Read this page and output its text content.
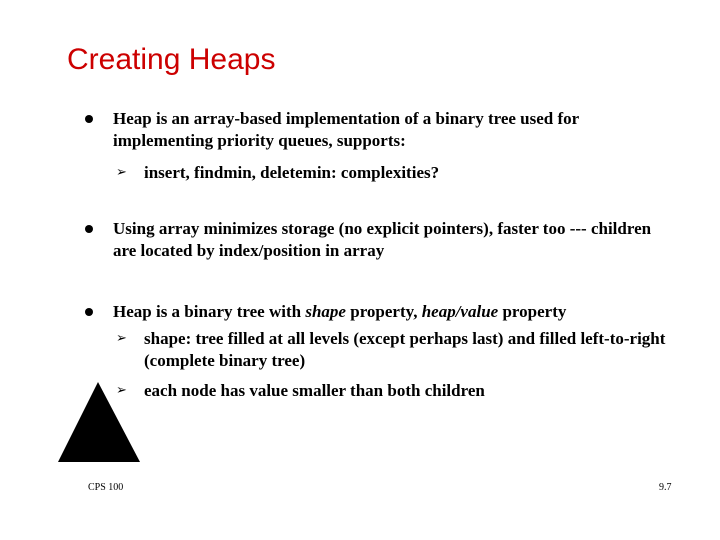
Creating Heaps
Heap is an array-based implementation of a binary tree used for implementing priority queues, supports:
➢ insert, findmin, deletemin: complexities?
Using array minimizes storage (no explicit pointers), faster too --- children are located by index/position in array
Heap is a binary tree with shape property, heap/value property
➢ shape: tree filled at all levels (except perhaps last) and filled left-to-right (complete binary tree)
➢ each node has value smaller than both children
CPS 100	9.7
